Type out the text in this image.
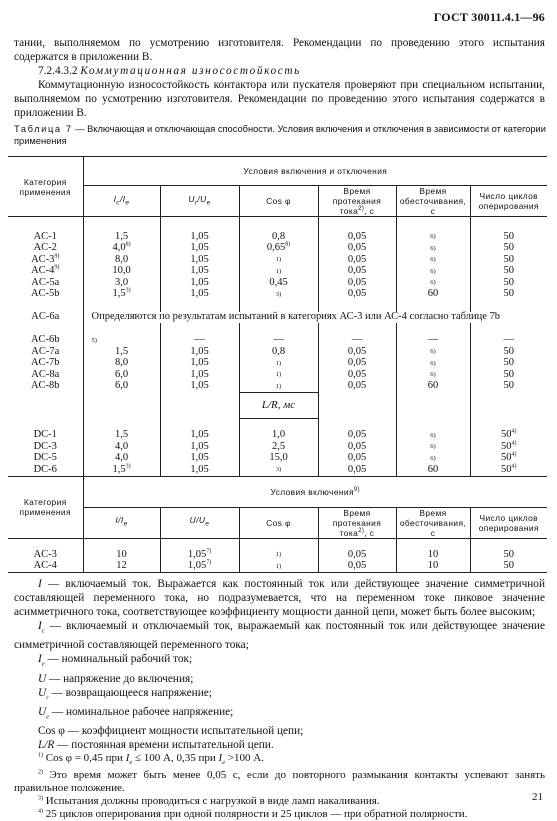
ГОСТ 30011.4.1—96

тании, выполняемом по усмотрению изготовителя. Рекомендации по проведению этого испытания содержатся в приложении В.

7.2.4.3.2 Коммутационная износостойкость

Коммутационную износостойкость контактора или пускателя проверяют при специальном испытании, выполняемом по усмотрению изготовителя. Рекомендации по проведению этого испытания содержатся в приложении В.

Таблица 7 — Включающая и отключающая способности. Условия включения и отключения в зависимости от категории применения
Категория применения	Условия включения и отключения					
	$I_c/I_e$	$U_r/U_e$	Cos φ	Время протекания тока$^{2)}$, с	Время обесточивания, с	Число циклов оперирования

AC-1	1,5	1,05	0,8	0,05	6)	50
AC-2	4,0$^{8)}$	1,05	0,65$^{8)}$	0,05	6)	50
AC-3$^{9)}$	8,0	1,05	1)	0,05	6)	50
AC-4$^{9)}$	10,0	1,05	1)	0,05	6)	50
AC-5a	3,0	1,05	0,45	0,05	6)	50
AC-5b	1,5$^{3)}$	1,05	3)	0,05	60	50

AC-6a	Определяются по результатам испытаний в категориях АС-3 или АС-4 согласно таблице 7b					

AC-6b	5)	—	—	—	—	—
AC-7a	1,5	1,05	0,8	0,05	6)	50
AC-7b	8,0	1,05	1)	0,05	6)	50
AC-8a	6,0	1,05	1)	0,05	6)	50
AC-8b	6,0	1,05	1)	0,05	60	50
			L/R, мс			

DC-1	1,5	1,05	1,0	0,05	6)	50$^{4)}$
DC-3	4,0	1,05	2,5	0,05	6)	50$^{4)}$
DC-5	4,0	1,05	15,0	0,05	6)	50$^{4)}$
DC-6	1,5$^{3)}$	1,05	3)	0,05	60	50$^{4)}$
Категория применения	Условия включения$^{9)}$
	$I/I_e$	$U/U_e$	Cos φ	Время протекания тока$^{2)}$, с	Время обесточивания, с	Число циклов оперирования

AC-3	10	1,05$^{7)}$	1)	0,05	10	50
AC-4	12	1,05$^{7)}$	1)	0,05	10	50

I — включаемый ток. Выражается как постоянный ток или действующее значение симметричной составляющей переменного тока, но подразумевается, что на переменном токе пиковое значение асимметричного тока, соответствующее коэффициенту мощности данной цепи, может быть более высоким;

$I_c$ — включаемый и отключаемый ток, выражаемый как постоянный ток или действующее значение симметричной составляющей переменного тока;

$I_e$ — номинальный рабочий ток;

U — напряжение до включения;

$U_r$ — возвращающееся напряжение;

$U_e$ — номинальное рабочее напряжение;

Cos φ — коэффициент мощности испытательной цепи;

L/R — постоянная времени испытательной цепи.

$^{1)}$ Cos φ = 0,45 при $I_e \le 100$ А, 0,35 при $I_e >100$ А.

$^{2)}$ Это время может быть менее 0,05 с, если до повторного размыкания контакты успевают занять правильное положение.

$^{3)}$ Испытания должны проводиться с нагрузкой в виде ламп накаливания.

$^{4)}$ 25 циклов оперирования при одной полярности и 25 циклов — при обратной полярности.

21
